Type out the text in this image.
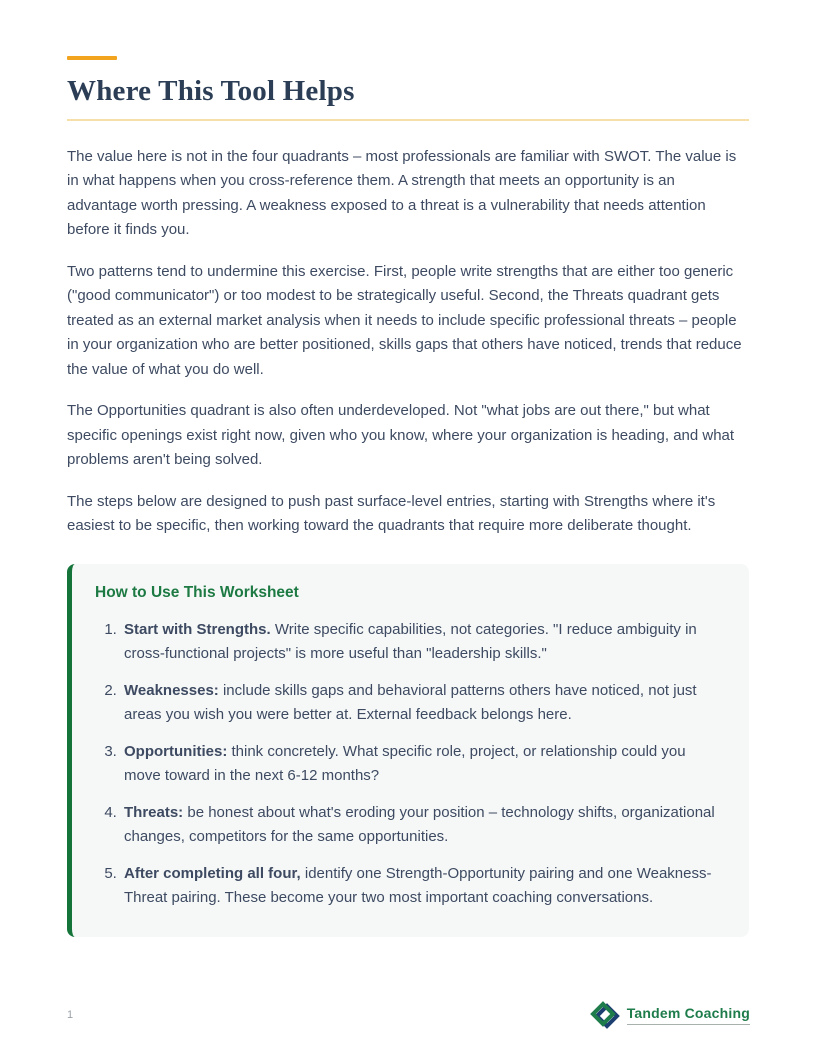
Where This Tool Helps

The value here is not in the four quadrants – most professionals are familiar with SWOT. The value is in what happens when you cross-reference them. A strength that meets an opportunity is an advantage worth pressing. A weakness exposed to a threat is a vulnerability that needs attention before it finds you.

Two patterns tend to undermine this exercise. First, people write strengths that are either too generic ("good communicator") or too modest to be strategically useful. Second, the Threats quadrant gets treated as an external market analysis when it needs to include specific professional threats – people in your organization who are better positioned, skills gaps that others have noticed, trends that reduce the value of what you do well.

The Opportunities quadrant is also often underdeveloped. Not "what jobs are out there," but what specific openings exist right now, given who you know, where your organization is heading, and what problems aren't being solved.

The steps below are designed to push past surface-level entries, starting with Strengths where it's easiest to be specific, then working toward the quadrants that require more deliberate thought.

How to Use This Worksheet
1. Start with Strengths. Write specific capabilities, not categories. "I reduce ambiguity in cross-functional projects" is more useful than "leadership skills."
2. Weaknesses: include skills gaps and behavioral patterns others have noticed, not just areas you wish you were better at. External feedback belongs here.
3. Opportunities: think concretely. What specific role, project, or relationship could you move toward in the next 6-12 months?
4. Threats: be honest about what's eroding your position – technology shifts, organizational changes, competitors for the same opportunities.
5. After completing all four, identify one Strength-Opportunity pairing and one Weakness-Threat pairing. These become your two most important coaching conversations.
1	Tandem Coaching
